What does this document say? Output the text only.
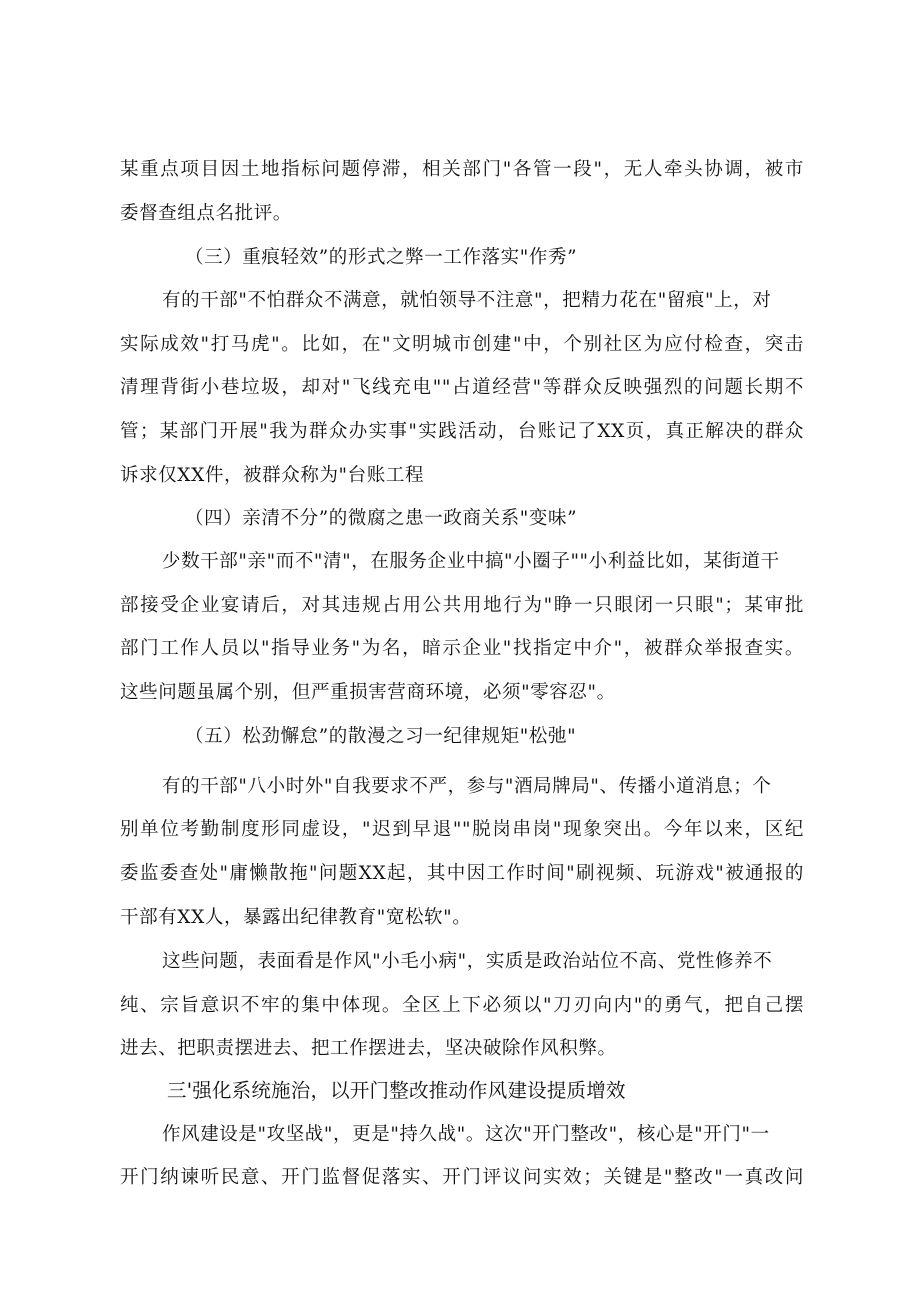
某重点项目因土地指标问题停滞，相关部门"各管一段"，无人牵头协调，被市

委督查组点名批评。

（三）重痕轻效”的形式之弊一工作落实"作秀”

有的干部"不怕群众不满意，就怕领导不注意"，把精力花在"留痕"上，对

实际成效"打马虎"。比如，在"文明城市创建"中，个别社区为应付检查，突击

清理背街小巷垃圾，却对"飞线充电""占道经营"等群众反映强烈的问题长期不

管；某部门开展"我为群众办实事"实践活动，台账记了XX页，真正解决的群众

诉求仅XX件，被群众称为"台账工程

（四）亲清不分”的微腐之患一政商关系"变味”

少数干部"亲"而不"清"，在服务企业中搞"小圈子""小利益比如，某街道干

部接受企业宴请后，对其违规占用公共用地行为"睁一只眼闭一只眼"；某审批

部门工作人员以"指导业务"为名，暗示企业"找指定中介"，被群众举报查实。

这些问题虽属个别，但严重损害营商环境，必须"零容忍"。

（五）松劲懈怠”的散漫之习一纪律规矩"松弛"

有的干部"八小时外"自我要求不严，参与"酒局牌局"、传播小道消息；个

别单位考勤制度形同虚设，"迟到早退""脱岗串岗"现象突出。今年以来，区纪

委监委查处"庸懒散拖"问题XX起，其中因工作时间"刷视频、玩游戏"被通报的

干部有XX人，暴露出纪律教育"宽松软"。

这些问题，表面看是作风"小毛小病"，实质是政治站位不高、党性修养不

纯、宗旨意识不牢的集中体现。全区上下必须以"刀刃向内"的勇气，把自己摆

进去、把职责摆进去、把工作摆进去，坚决破除作风积弊。

三'强化系统施治，以开门整改推动作风建设提质增效

作风建设是"攻坚战"，更是"持久战"。这次"开门整改"，核心是"开门"一

开门纳谏听民意、开门监督促落实、开门评议问实效；关键是"整改"一真改问
